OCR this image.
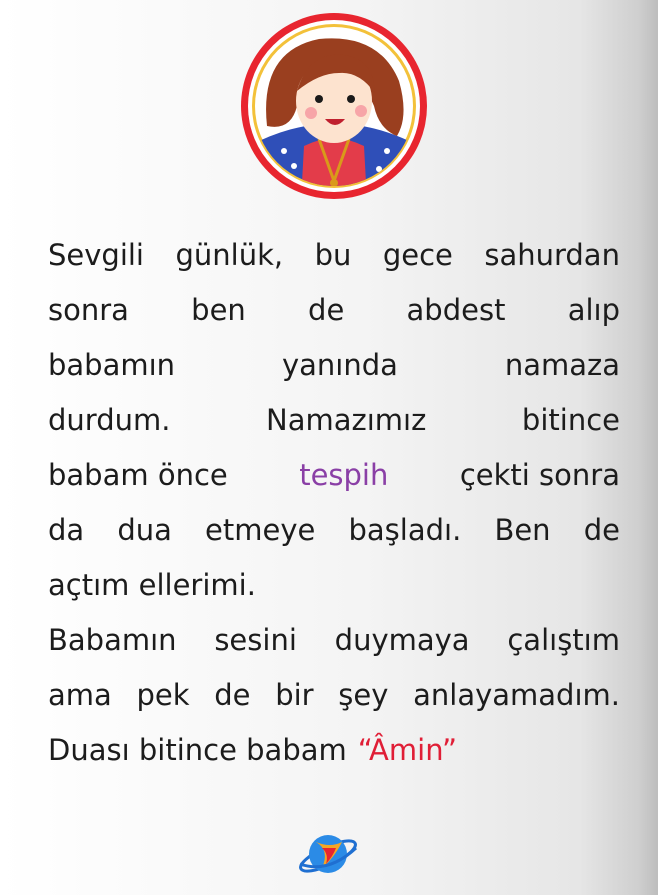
Sevgili günlük, bu gece sahurdan
sonra ben de abdest alıp
babamın	yanında	namaza
durdum.	Namazımız	bitince
babam önce tespih çekti sonra
da dua etmeye başladı. Ben de
açtım ellerimi.
Babamın sesini duymaya çalıştım
ama pek de bir şey anlayamadım.
Duası bitince babam “Âmin”
